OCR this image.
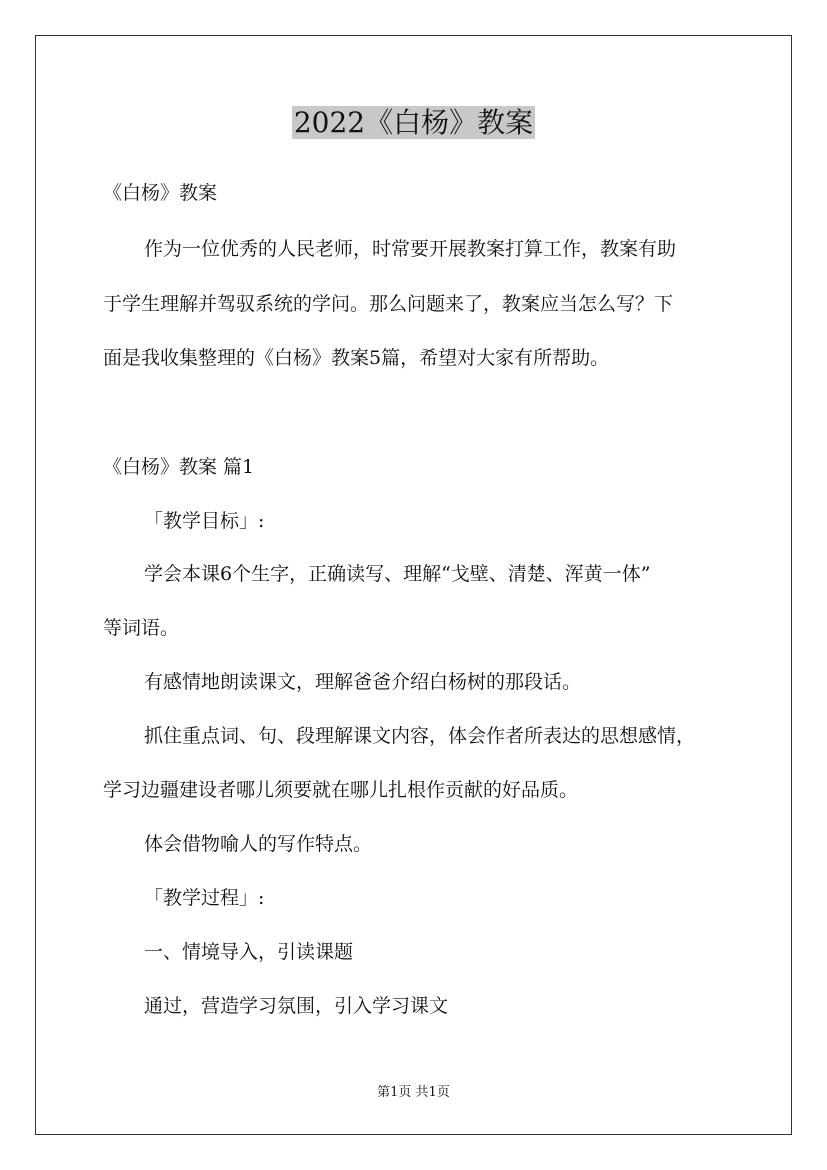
2022《白杨》教案

《白杨》教案

作为一位优秀的人民老师，时常要开展教案打算工作，教案有助

于学生理解并驾驭系统的学问。那么问题来了，教案应当怎么写？下

面是我收集整理的《白杨》教案5篇，希望对大家有所帮助。

《白杨》教案 篇1

「教学目标」:

学会本课6个生字，正确读写、理解“戈壁、清楚、浑黄一体”

等词语。

有感情地朗读课文，理解爸爸介绍白杨树的那段话。

抓住重点词、句、段理解课文内容，体会作者所表达的思想感情，

学习边疆建设者哪儿须要就在哪儿扎根作贡献的好品质。

体会借物喻人的写作特点。

「教学过程」:

一、情境导入，引读课题

通过，营造学习氛围，引入学习课文

第1页 共1页
